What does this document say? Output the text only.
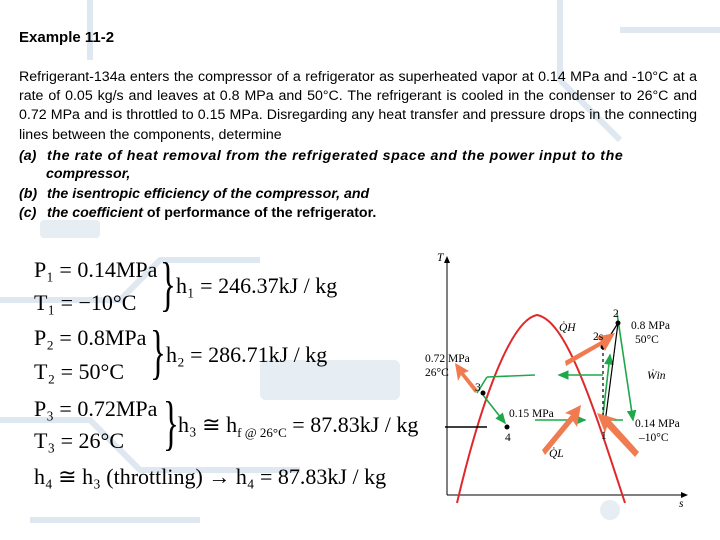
Example 11-2
Refrigerant-134a enters the compressor of a refrigerator as superheated vapor at 0.14 MPa and -10°C at a rate of 0.05 kg/s and leaves at 0.8 MPa and 50°C. The refrigerant is cooled in the condenser to 26°C and 0.72 MPa and is throttled to 0.15 MPa. Disregarding any heat transfer and pressure drops in the connecting lines between the components, determine
(a) the rate of heat removal from the refrigerated space and the power input to the
compressor,
(b) the isentropic efficiency of the compressor, and
(c) the coefficient of performance of the refrigerator.
P₁ = 0.14MPa
T₁ = −10°C } h₁ = 246.37kJ / kg
P₂ = 0.8MPa
T₂ = 50°C } h₂ = 286.71kJ / kg
P₃ = 0.72MPa
T₃ = 26°C } h₃ ≅ $h_{f @ 26^\circ C} = 87.83kJ$ / kg
h₄ ≅ h₃ (throttling) → h₄ = 87.83kJ / kg
T
s
2
2s
3
4	1
0.8 MPa
50°C
0.72 MPa
26°C
0.15 MPa
0.14 MPa
–10°C
Q̇H
Q̇L
Ẇin
